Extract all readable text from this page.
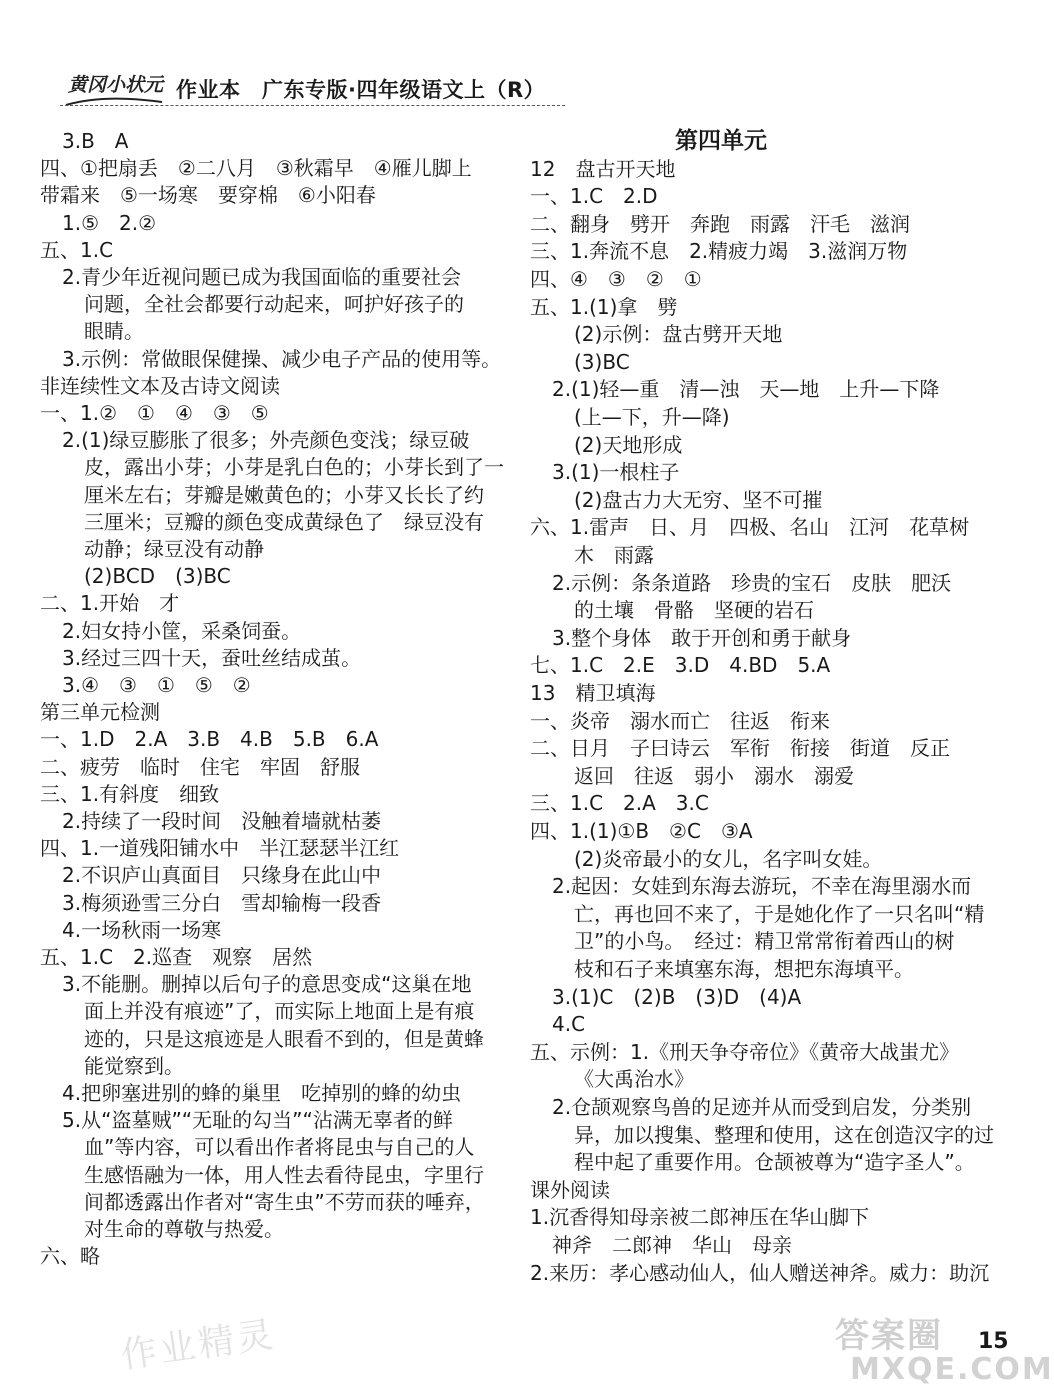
黄冈小状元 作业本　广东专版·四年级语文上（R）
3.B　A
四、①把扇丢　②二八月　③秋霜早　④雁儿脚上
带霜来　⑤一场寒　要穿棉　⑥小阳春
1.⑤　2.②
五、1.C
2.青少年近视问题已成为我国面临的重要社会
问题，全社会都要行动起来，呵护好孩子的
眼睛。
3.示例：常做眼保健操、减少电子产品的使用等。
非连续性文本及古诗文阅读
一、1.②　①　④　③　⑤
2.(1)绿豆膨胀了很多；外壳颜色变浅；绿豆破
皮，露出小芽；小芽是乳白色的；小芽长到了一
厘米左右；芽瓣是嫩黄色的；小芽又长长了约
三厘米；豆瓣的颜色变成黄绿色了　绿豆没有
动静；绿豆没有动静
(2)BCD　(3)BC
二、1.开始　才
2.妇女持小筐，采桑饲蚕。
3.经过三四十天，蚕吐丝结成茧。
3.④　③　①　⑤　②
第三单元检测
一、1.D　2.A　3.B　4.B　5.B　6.A
二、疲劳　临时　住宅　牢固　舒服
三、1.有斜度　细致
2.持续了一段时间　没触着墙就枯萎
四、1.一道残阳铺水中　半江瑟瑟半江红
2.不识庐山真面目　只缘身在此山中
3.梅须逊雪三分白　雪却输梅一段香
4.一场秋雨一场寒
五、1.C　2.巡查　观察　居然
3.不能删。删掉以后句子的意思变成“这巢在地
面上并没有痕迹”了，而实际上地面上是有痕
迹的，只是这痕迹是人眼看不到的，但是黄蜂
能觉察到。
4.把卵塞进别的蜂的巢里　吃掉别的蜂的幼虫
5.从“盗墓贼”“无耻的勾当”“沾满无辜者的鲜
血”等内容，可以看出作者将昆虫与自己的人
生感悟融为一体，用人性去看待昆虫，字里行
间都透露出作者对“寄生虫”不劳而获的唾弃，
对生命的尊敬与热爱。
六、略
第四单元
12　盘古开天地
一、1.C　2.D
二、翻身　劈开　奔跑　雨露　汗毛　滋润
三、1.奔流不息　2.精疲力竭　3.滋润万物
四、④　③　②　①
五、1.(1)拿　劈
(2)示例：盘古劈开天地
(3)BC
2.(1)轻—重　清—浊　天—地　上升—下降
(上—下，升—降)
(2)天地形成
3.(1)一根柱子
(2)盘古力大无穷、坚不可摧
六、1.雷声　日、月　四极、名山　江河　花草树
木　雨露
2.示例：条条道路　珍贵的宝石　皮肤　肥沃
的土壤　骨骼　坚硬的岩石
3.整个身体　敢于开创和勇于献身
七、1.C　2.E　3.D　4.BD　5.A
13　精卫填海
一、炎帝　溺水而亡　往返　衔来
二、日月　子曰诗云　军衔　衔接　街道　反正
返回　往返　弱小　溺水　溺爱
三、1.C　2.A　3.C
四、1.(1)①B　②C　③A
(2)炎帝最小的女儿，名字叫女娃。
2.起因：女娃到东海去游玩，不幸在海里溺水而
亡，再也回不来了，于是她化作了一只名叫“精
卫”的小鸟。　经过：精卫常常衔着西山的树
枝和石子来填塞东海，想把东海填平。
3.(1)C　(2)B　(3)D　(4)A
4.C
五、示例：1.《刑天争夺帝位》《黄帝大战蚩尤》
《大禹治水》
2.仓颉观察鸟兽的足迹并从而受到启发，分类别
异，加以搜集、整理和使用，这在创造汉字的过
程中起了重要作用。仓颉被尊为“造字圣人”。
课外阅读
1.沉香得知母亲被二郎神压在华山脚下
神斧　二郎神　华山　母亲
2.来历：孝心感动仙人，仙人赠送神斧。威力：助沉
作业精灵	答案圈
MXQE.COM
15
